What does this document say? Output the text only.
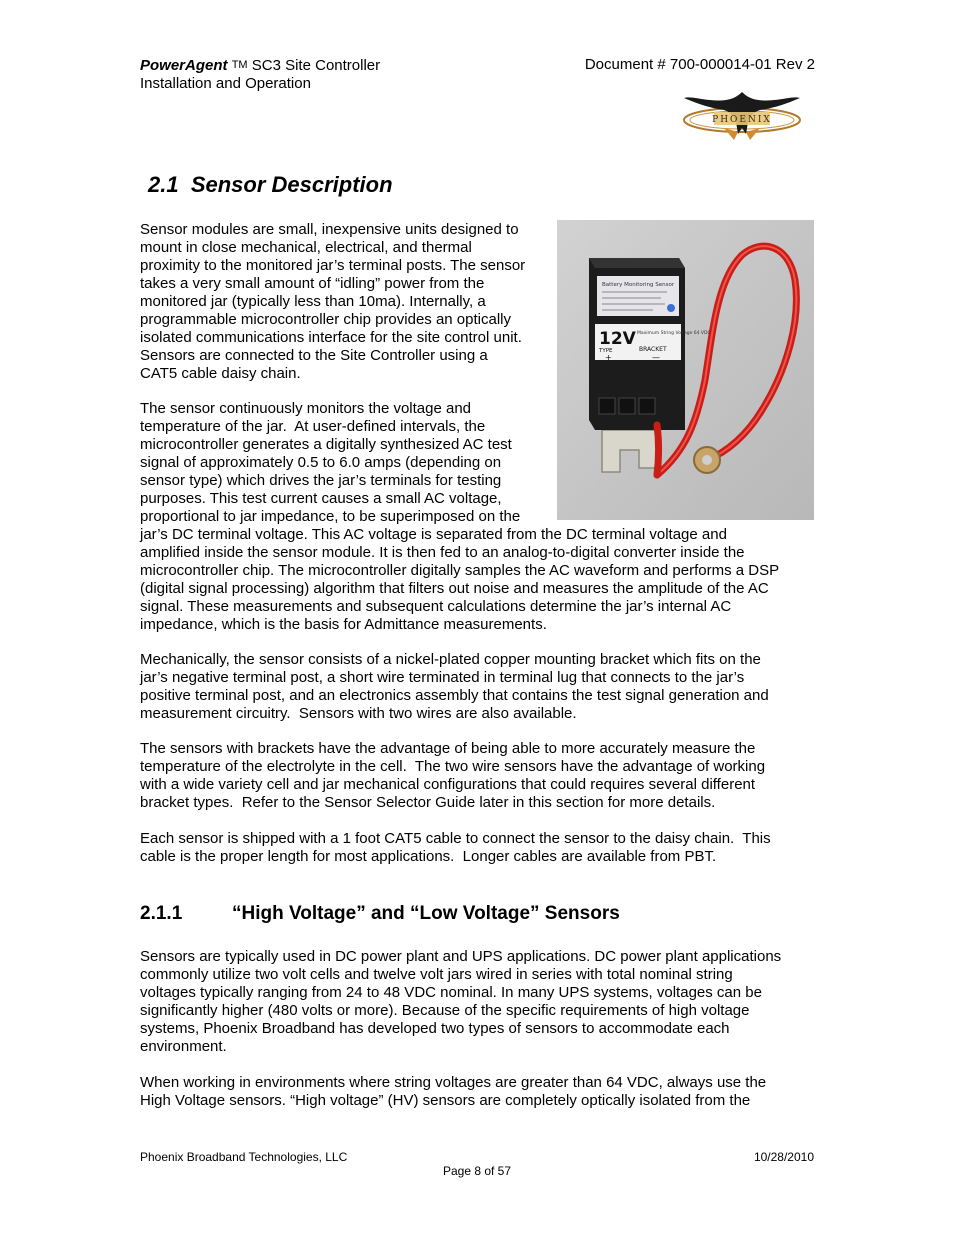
PowerAgent TM SC3 Site Controller
Installation and Operation
Document # 700-000014-01 Rev 2
PHOENIX
2.1 Sensor Description
Battery Monitoring Sensor
12V Maximum String Voltage 64 VDC
TYPE	BRACKET
+	—
Sensor modules are small, inexpensive units designed to
mount in close mechanical, electrical, and thermal
proximity to the monitored jar’s terminal posts. The sensor
takes a very small amount of “idling” power from the
monitored jar (typically less than 10ma). Internally, a
programmable microcontroller chip provides an optically
isolated communications interface for the site control unit.
Sensors are connected to the Site Controller using a
CAT5 cable daisy chain.
The sensor continuously monitors the voltage and
temperature of the jar.  At user-defined intervals, the
microcontroller generates a digitally synthesized AC test
signal of approximately 0.5 to 6.0 amps (depending on
sensor type) which drives the jar’s terminals for testing
purposes. This test current causes a small AC voltage,
proportional to jar impedance, to be superimposed on the
jar’s DC terminal voltage. This AC voltage is separated from the DC terminal voltage and
amplified inside the sensor module. It is then fed to an analog-to-digital converter inside the
microcontroller chip. The microcontroller digitally samples the AC waveform and performs a DSP
(digital signal processing) algorithm that filters out noise and measures the amplitude of the AC
signal. These measurements and subsequent calculations determine the jar’s internal AC
impedance, which is the basis for Admittance measurements.
Mechanically, the sensor consists of a nickel-plated copper mounting bracket which fits on the
jar’s negative terminal post, a short wire terminated in terminal lug that connects to the jar’s
positive terminal post, and an electronics assembly that contains the test signal generation and
measurement circuitry.  Sensors with two wires are also available.
The sensors with brackets have the advantage of being able to more accurately measure the
temperature of the electrolyte in the cell.  The two wire sensors have the advantage of working
with a wide variety cell and jar mechanical configurations that could requires several different
bracket types.  Refer to the Sensor Selector Guide later in this section for more details.
Each sensor is shipped with a 1 foot CAT5 cable to connect the sensor to the daisy chain.  This
cable is the proper length for most applications.  Longer cables are available from PBT.
2.1.1	“High Voltage” and “Low Voltage” Sensors
Sensors are typically used in DC power plant and UPS applications. DC power plant applications
commonly utilize two volt cells and twelve volt jars wired in series with total nominal string
voltages typically ranging from 24 to 48 VDC nominal. In many UPS systems, voltages can be
significantly higher (480 volts or more). Because of the specific requirements of high voltage
systems, Phoenix Broadband has developed two types of sensors to accommodate each
environment.
When working in environments where string voltages are greater than 64 VDC, always use the
High Voltage sensors. “High voltage” (HV) sensors are completely optically isolated from the
Phoenix Broadband Technologies, LLC	10/28/2010
Page 8 of 57
